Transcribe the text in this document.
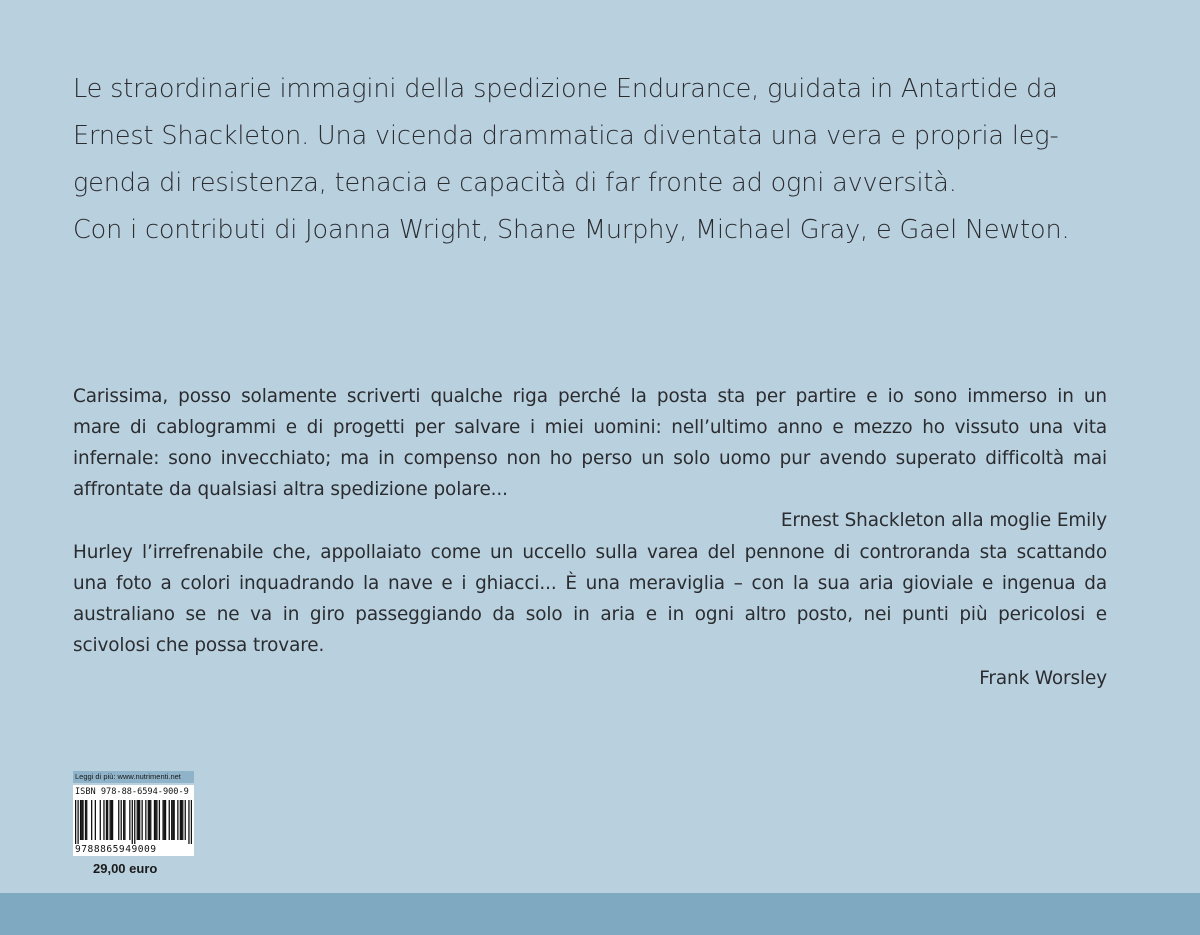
Le straordinarie immagini della spedizione Endurance, guidata in Antartide da
Ernest Shackleton. Una vicenda drammatica diventata una vera e propria leg-
genda di resistenza, tenacia e capacità di far fronte ad ogni avversità.
Con i contributi di Joanna Wright, Shane Murphy, Michael Gray, e Gael Newton.
Carissima, posso solamente scriverti qualche riga perché la posta sta per partire e io sono immerso in un
mare di cablogrammi e di progetti per salvare i miei uomini: nell’ultimo anno e mezzo ho vissuto una vita
infernale: sono invecchiato; ma in compenso non ho perso un solo uomo pur avendo superato difficoltà mai
affrontate da qualsiasi altra spedizione polare...
Ernest Shackleton alla moglie Emily
Hurley l’irrefrenabile che, appollaiato come un uccello sulla varea del pennone di controranda sta scattando
una foto a colori inquadrando la nave e i ghiacci... È una meraviglia – con la sua aria gioviale e ingenua da
australiano se ne va in giro passeggiando da solo in aria e in ogni altro posto, nei punti più pericolosi e
scivolosi che possa trovare.
Frank Worsley
Leggi di più: www.nutrimenti.net
ISBN 978-88-6594-900-9
9788865949009
29,00 euro
